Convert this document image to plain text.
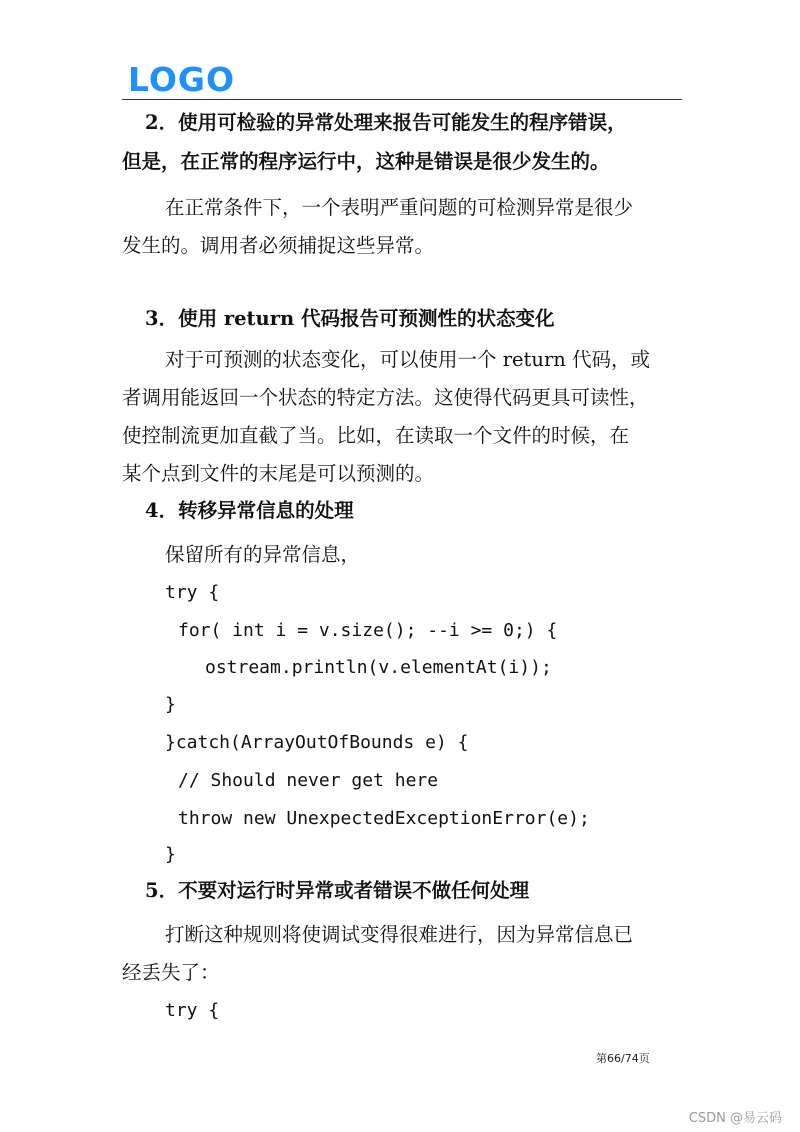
LOGO
2．使用可检验的异常处理来报告可能发生的程序错误，
但是，在正常的程序运行中，这种是错误是很少发生的。
在正常条件下，一个表明严重问题的可检测异常是很少
发生的。调用者必须捕捉这些异常。
3．使用 return 代码报告可预测性的状态变化
对于可预测的状态变化，可以使用一个 return 代码，或
者调用能返回一个状态的特定方法。这使得代码更具可读性，
使控制流更加直截了当。比如，在读取一个文件的时候，在
某个点到文件的末尾是可以预测的。
4．转移异常信息的处理
保留所有的异常信息，
try {
for( int i = v.size(); --i >= 0;) {
ostream.println(v.elementAt(i));
}
}catch(ArrayOutOfBounds e) {
// Should never get here
throw new UnexpectedExceptionError(e);
}
5．不要对运行时异常或者错误不做任何处理
打断这种规则将使调试变得很难进行，因为异常信息已
经丢失了：
try {
第66/74页
CSDN @易云码
